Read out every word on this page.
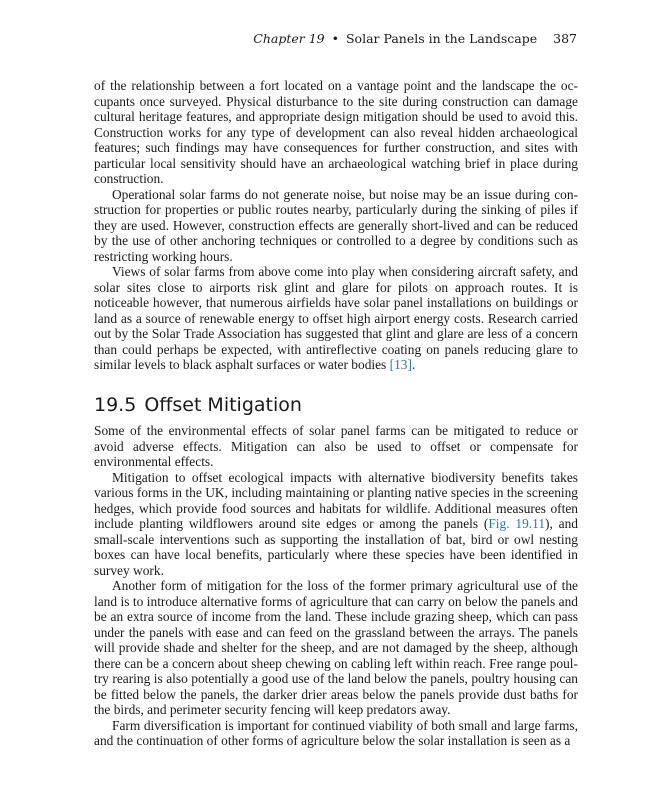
Chapter 19 • Solar Panels in the Landscape 387

of the relationship between a fort located on a vantage point and the landscape the occupants once surveyed. Physical disturbance to the site during construction can damage cultural heritage features, and appropriate design mitigation should be used to avoid this. Construction works for any type of development can also reveal hidden archaeological features; such findings may have consequences for further construction, and sites with particular local sensitivity should have an archaeological watching brief in place during construction.

Operational solar farms do not generate noise, but noise may be an issue during construction for properties or public routes nearby, particularly during the sinking of piles if they are used. However, construction effects are generally short-lived and can be reduced by the use of other anchoring techniques or controlled to a degree by conditions such as restricting working hours.

Views of solar farms from above come into play when considering aircraft safety, and solar sites close to airports risk glint and glare for pilots on approach routes. It is noticeable however, that numerous airfields have solar panel installations on buildings or land as a source of renewable energy to offset high airport energy costs. Research carried out by the Solar Trade Association has suggested that glint and glare are less of a concern than could perhaps be expected, with antireflective coating on panels reducing glare to similar levels to black asphalt surfaces or water bodies [13].

19.5 Offset Mitigation

Some of the environmental effects of solar panel farms can be mitigated to reduce or avoid adverse effects. Mitigation can also be used to offset or compensate for environmental effects.

Mitigation to offset ecological impacts with alternative biodiversity benefits takes various forms in the UK, including maintaining or planting native species in the screening hedges, which provide food sources and habitats for wildlife. Additional measures often include planting wildflowers around site edges or among the panels (Fig. 19.11), and small-scale interventions such as supporting the installation of bat, bird or owl nesting boxes can have local benefits, particularly where these species have been identified in survey work.

Another form of mitigation for the loss of the former primary agricultural use of the land is to introduce alternative forms of agriculture that can carry on below the panels and be an extra source of income from the land. These include grazing sheep, which can pass under the panels with ease and can feed on the grassland between the arrays. The panels will provide shade and shelter for the sheep, and are not damaged by the sheep, although there can be a concern about sheep chewing on cabling left within reach. Free range poultry rearing is also potentially a good use of the land below the panels, poultry housing can be fitted below the panels, the darker drier areas below the panels provide dust baths for the birds, and perimeter security fencing will keep predators away.

Farm diversification is important for continued viability of both small and large farms, and the continuation of other forms of agriculture below the solar installation is seen as a
